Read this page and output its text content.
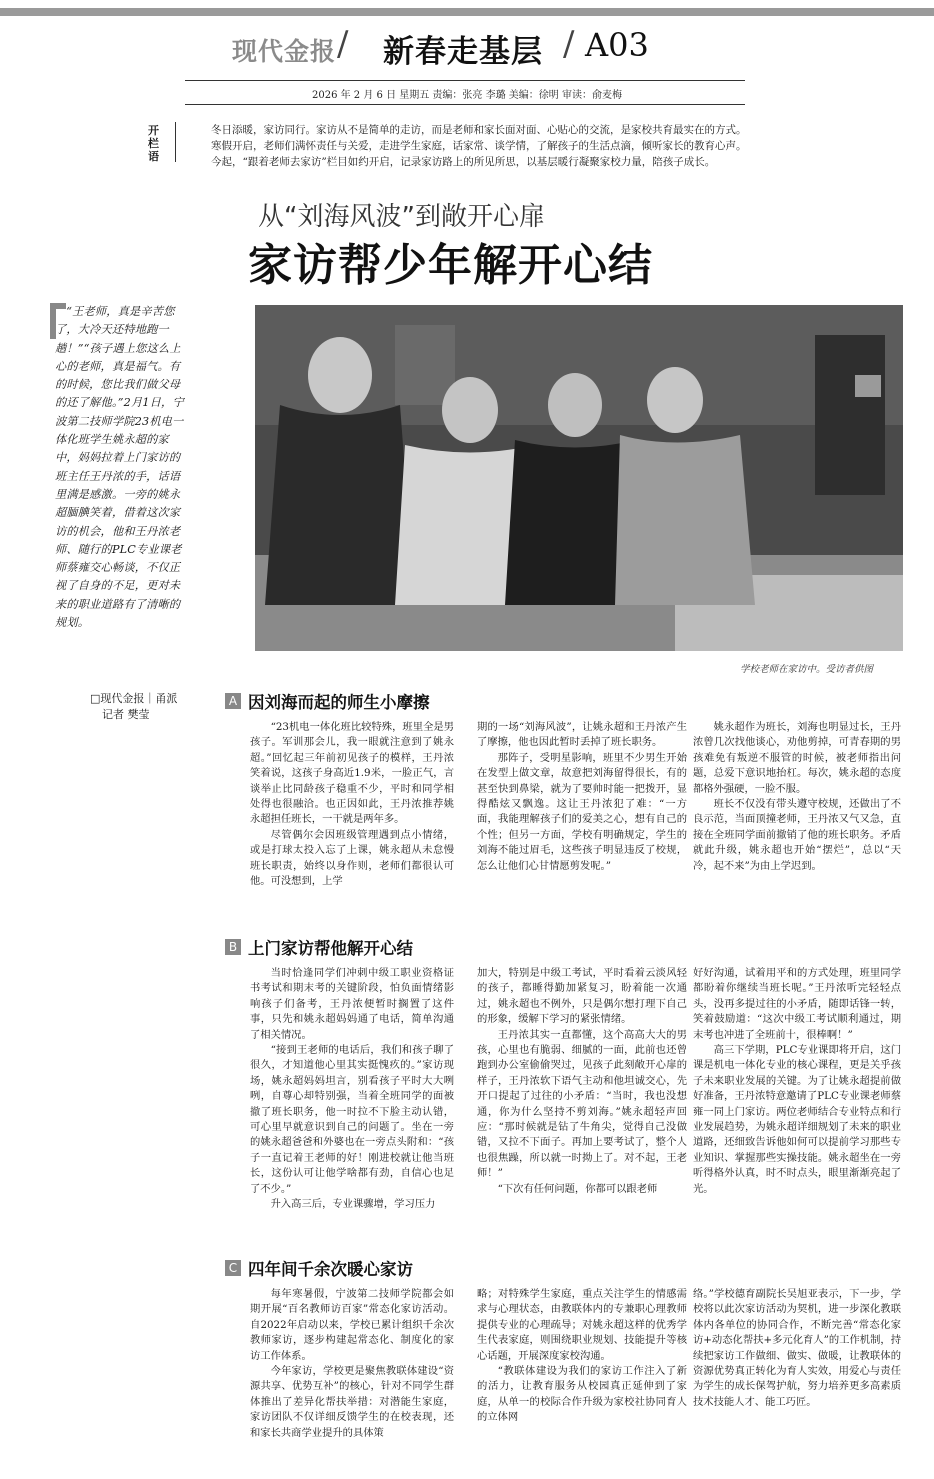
现代金报 / 新春走基层 / A03
2026 年 2 月 6 日 星期五 责编：张亮 李璐 美编：徐明 审读：俞麦梅
开栏语

冬日添暖，家访同行。家访从不是简单的走访，而是老师和家长面对面、心贴心的交流，是家校共育最实在的方式。

寒假开启，老师们满怀责任与关爱，走进学生家庭，话家常、谈学情，了解孩子的生活点滴，倾听家长的教育心声。

今起，“跟着老师去家访”栏目如约开启，记录家访路上的所见所思，以基层暖行凝聚家校力量，陪孩子成长。

从“刘海风波”到敞开心扉
家访帮少年解开心结
学校老师在家访中。受访者供图

“王老师，真是辛苦您了，大冷天还特地跑一趟！”“孩子遇上您这么上心的老师，真是福气。有的时候，您比我们做父母的还了解他。”2月1日，宁波第二技师学院23机电一体化班学生姚永超的家中，妈妈拉着上门家访的班主任王丹浓的手，话语里满是感激。一旁的姚永超腼腆笑着，借着这次家访的机会，他和王丹浓老师、随行的PLC专业课老师蔡雍交心畅谈，不仅正视了自身的不足，更对未来的职业道路有了清晰的规划。

□现代金报｜甬派
记者 樊莹
A 因刘海而起的师生小摩擦

“23机电一体化班比较特殊，班里全是男孩子。军训那会儿，我一眼就注意到了姚永超。”回忆起三年前初见孩子的模样，王丹浓笑着说，这孩子身高近1.9米，一脸正气，言谈举止比同龄孩子稳重不少，平时和同学相处得也很融洽。也正因如此，王丹浓推荐姚永超担任班长，一干就是两年多。

尽管偶尔会因班级管理遇到点小情绪，或是打球太投入忘了上课，姚永超从未怠慢班长职责，始终以身作则，老师们都很认可他。可没想到，上学

期的一场“刘海风波”，让姚永超和王丹浓产生了摩擦，他也因此暂时丢掉了班长职务。

那阵子，受明星影响，班里不少男生开始在发型上做文章，故意把刘海留得很长，有的甚至快到鼻梁，就为了要帅时能一把拨开，显得酷炫又飘逸。这让王丹浓犯了难：“一方面，我能理解孩子们的爱美之心，想有自己的个性；但另一方面，学校有明确规定，学生的刘海不能过眉毛，这些孩子明显违反了校规，怎么让他们心甘情愿剪发呢。”

姚永超作为班长，刘海也明显过长，王丹浓曾几次找他谈心，劝他剪掉，可青春期的男孩难免有叛逆不服管的时候，被老师指出问题，总爱下意识地抬杠。每次，姚永超的态度都格外强硬，一脸不服。

班长不仅没有带头遵守校规，还做出了不良示范，当面顶撞老师，王丹浓又气又急，直接在全班同学面前撤销了他的班长职务。矛盾就此升级，姚永超也开始“摆烂”，总以“天冷，起不来”为由上学迟到。

B 上门家访帮他解开心结

当时恰逢同学们冲刺中级工职业资格证书考试和期末考的关键阶段，怕负面情绪影响孩子们备考，王丹浓便暂时搁置了这件事，只先和姚永超妈妈通了电话，简单沟通了相关情况。

“接到王老师的电话后，我们和孩子聊了很久，才知道他心里其实挺愧疚的。”家访现场，姚永超妈妈坦言，别看孩子平时大大咧咧，自尊心却特别强，当着全班同学的面被撤了班长职务，他一时拉不下脸主动认错，可心里早就意识到自己的问题了。坐在一旁的姚永超爸爸和外婆也在一旁点头附和：“孩子一直记着王老师的好！刚进校就让他当班长，这份认可让他学啥都有劲，自信心也足了不少。”

升入高三后，专业课骤增，学习压力

加大，特别是中级工考试，平时看着云淡风轻的孩子，都睡得勤加紧复习，盼着能一次通过，姚永超也不例外，只是偶尔想打理下自己的形象，缓解下学习的紧张情绪。

王丹浓其实一直都懂，这个高高大大的男孩，心里也有脆弱、细腻的一面，此前也还曾跑到办公室偷偷哭过，见孩子此刻敞开心扉的样子，王丹浓软下语气主动和他坦诚交心，先开口提起了过往的小矛盾：“当时，我也没想通，你为什么坚持不剪刘海。”姚永超轻声回应：“那时候就是钻了牛角尖，觉得自己没做错，又拉不下面子。再加上要考试了，整个人也很焦躁，所以就一时拗上了。对不起，王老师！”

“下次有任何问题，你都可以跟老师

好好沟通，试着用平和的方式处理，班里同学都盼着你继续当班长呢。”王丹浓听完轻轻点头，没再多提过往的小矛盾，随即话锋一转，笑着鼓励道：“这次中级工考试顺利通过，期末考也冲进了全班前十，很棒啊！”

高三下学期，PLC专业课即将开启，这门课是机电一体化专业的核心课程，更是关乎孩子未来职业发展的关键。为了让姚永超提前做好准备，王丹浓特意邀请了PLC专业课老师蔡雍一同上门家访。两位老师结合专业特点和行业发展趋势，为姚永超详细规划了未来的职业道路，还细致告诉他如何可以提前学习那些专业知识、掌握那些实操技能。姚永超坐在一旁听得格外认真，时不时点头，眼里渐渐亮起了光。

C 四年间千余次暖心家访

每年寒暑假，宁波第二技师学院都会如期开展“百名教师访百家”常态化家访活动。自2022年启动以来，学校已累计组织千余次教师家访，逐步构建起常态化、制度化的家访工作体系。

今年家访，学校更是聚焦教联体建设“资源共享、优势互补”的核心，针对不同学生群体推出了差异化帮扶举措：对潜能生家庭，家访团队不仅详细反馈学生的在校表现，还和家长共商学业提升的具体策

略；对特殊学生家庭，重点关注学生的情感需求与心理状态，由教联体内的专兼职心理教师提供专业的心理疏导；对姚永超这样的优秀学生代表家庭，则围绕职业规划、技能提升等核心话题，开展深度家校沟通。

“教联体建设为我们的家访工作注入了新的活力，让教育服务从校园真正延伸到了家庭，从单一的校际合作升级为家校社协同育人的立体网

络。”学校德育副院长吴旭亚表示，下一步，学校将以此次家访活动为契机，进一步深化教联体内各单位的协同合作，不断完善“常态化家访+动态化帮扶+多元化育人”的工作机制，持续把家访工作做细、做实、做暖，让教联体的资源优势真正转化为育人实效，用爱心与责任为学生的成长保驾护航，努力培养更多高素质技术技能人才、能工巧匠。
